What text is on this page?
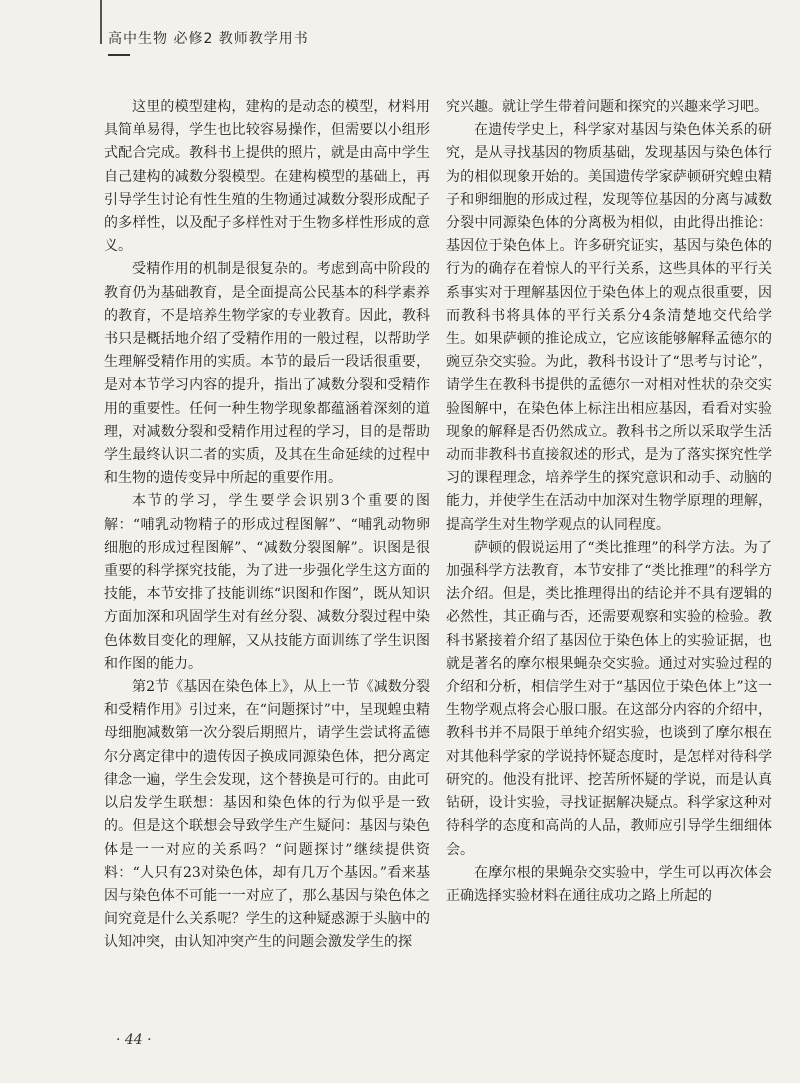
高中生物 必修2 教师教学用书

这里的模型建构，建构的是动态的模型，材料用具简单易得，学生也比较容易操作，但需要以小组形式配合完成。教科书上提供的照片，就是由高中学生自己建构的减数分裂模型。在建构模型的基础上，再引导学生讨论有性生殖的生物通过减数分裂形成配子的多样性，以及配子多样性对于生物多样性形成的意义。

受精作用的机制是很复杂的。考虑到高中阶段的教育仍为基础教育，是全面提高公民基本的科学素养的教育，不是培养生物学家的专业教育。因此，教科书只是概括地介绍了受精作用的一般过程，以帮助学生理解受精作用的实质。本节的最后一段话很重要，是对本节学习内容的提升，指出了减数分裂和受精作用的重要性。任何一种生物学现象都蕴涵着深刻的道理，对减数分裂和受精作用过程的学习，目的是帮助学生最终认识二者的实质，及其在生命延续的过程中和生物的遗传变异中所起的重要作用。

本节的学习，学生要学会识别3个重要的图解：“哺乳动物精子的形成过程图解”、“哺乳动物卵细胞的形成过程图解”、“减数分裂图解”。识图是很重要的科学探究技能，为了进一步强化学生这方面的技能，本节安排了技能训练“识图和作图”，既从知识方面加深和巩固学生对有丝分裂、减数分裂过程中染色体数目变化的理解，又从技能方面训练了学生识图和作图的能力。

第2节《基因在染色体上》，从上一节《减数分裂和受精作用》引过来，在“问题探讨”中，呈现蝗虫精母细胞减数第一次分裂后期照片，请学生尝试将孟德尔分离定律中的遗传因子换成同源染色体，把分离定律念一遍，学生会发现，这个替换是可行的。由此可以启发学生联想：基因和染色体的行为似乎是一致的。但是这个联想会导致学生产生疑问：基因与染色体是一一对应的关系吗？“问题探讨”继续提供资料：“人只有23对染色体，却有几万个基因。”看来基因与染色体不可能一一对应了，那么基因与染色体之间究竟是什么关系呢？学生的这种疑惑源于头脑中的认知冲突，由认知冲突产生的问题会激发学生的探

究兴趣。就让学生带着问题和探究的兴趣来学习吧。

在遗传学史上，科学家对基因与染色体关系的研究，是从寻找基因的物质基础，发现基因与染色体行为的相似现象开始的。美国遗传学家萨顿研究蝗虫精子和卵细胞的形成过程，发现等位基因的分离与减数分裂中同源染色体的分离极为相似，由此得出推论：基因位于染色体上。许多研究证实，基因与染色体的行为的确存在着惊人的平行关系，这些具体的平行关系事实对于理解基因位于染色体上的观点很重要，因而教科书将具体的平行关系分4条清楚地交代给学生。如果萨顿的推论成立，它应该能够解释孟德尔的豌豆杂交实验。为此，教科书设计了“思考与讨论”，请学生在教科书提供的孟德尔一对相对性状的杂交实验图解中，在染色体上标注出相应基因，看看对实验现象的解释是否仍然成立。教科书之所以采取学生活动而非教科书直接叙述的形式，是为了落实探究性学习的课程理念，培养学生的探究意识和动手、动脑的能力，并使学生在活动中加深对生物学原理的理解，提高学生对生物学观点的认同程度。

萨顿的假说运用了“类比推理”的科学方法。为了加强科学方法教育，本节安排了“类比推理”的科学方法介绍。但是，类比推理得出的结论并不具有逻辑的必然性，其正确与否，还需要观察和实验的检验。教科书紧接着介绍了基因位于染色体上的实验证据，也就是著名的摩尔根果蝇杂交实验。通过对实验过程的介绍和分析，相信学生对于“基因位于染色体上”这一生物学观点将会心服口服。在这部分内容的介绍中，教科书并不局限于单纯介绍实验，也谈到了摩尔根在对其他科学家的学说持怀疑态度时，是怎样对待科学研究的。他没有批评、挖苦所怀疑的学说，而是认真钻研，设计实验，寻找证据解决疑点。科学家这种对待科学的态度和高尚的人品，教师应引导学生细细体会。

在摩尔根的果蝇杂交实验中，学生可以再次体会正确选择实验材料在通往成功之路上所起的

· 44 ·
